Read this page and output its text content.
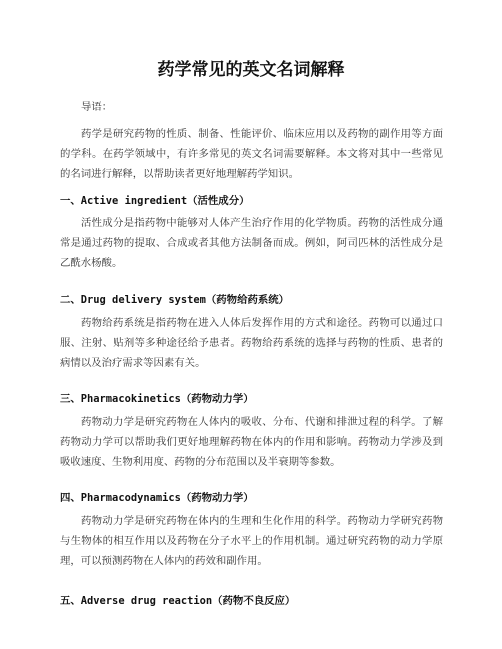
药学常见的英文名词解释
导语：
药学是研究药物的性质、制备、性能评价、临床应用以及药物的副作用等方面的学科。在药学领域中，有许多常见的英文名词需要解释。本文将对其中一些常见的名词进行解释，以帮助读者更好地理解药学知识。
一、Active ingredient（活性成分）
活性成分是指药物中能够对人体产生治疗作用的化学物质。药物的活性成分通常是通过药物的提取、合成或者其他方法制备而成。例如，阿司匹林的活性成分是乙酰水杨酸。
二、Drug delivery system（药物给药系统）
药物给药系统是指药物在进入人体后发挥作用的方式和途径。药物可以通过口服、注射、贴剂等多种途径给予患者。药物给药系统的选择与药物的性质、患者的病情以及治疗需求等因素有关。
三、Pharmacokinetics（药物动力学）
药物动力学是研究药物在人体内的吸收、分布、代谢和排泄过程的科学。了解药物动力学可以帮助我们更好地理解药物在体内的作用和影响。药物动力学涉及到吸收速度、生物利用度、药物的分布范围以及半衰期等参数。
四、Pharmacodynamics（药物动力学）
药物动力学是研究药物在体内的生理和生化作用的科学。药物动力学研究药物与生物体的相互作用以及药物在分子水平上的作用机制。通过研究药物的动力学原理，可以预测药物在人体内的药效和副作用。
五、Adverse drug reaction（药物不良反应）
